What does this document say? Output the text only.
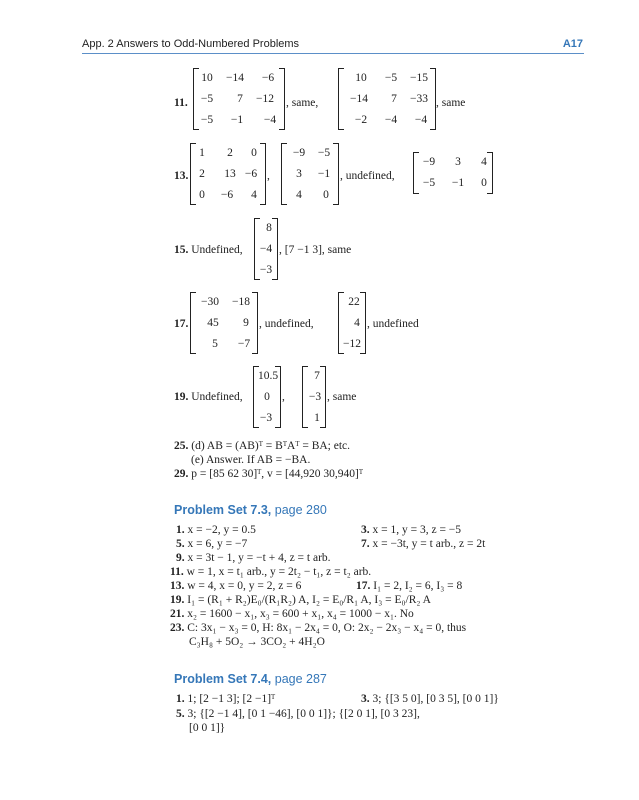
App. 2 Answers to Odd-Numbered Problems	A17
11.
10 −14 −6
−5 7 −12
−5 −1 −4
, same,
10 −5 −15
−14 7 −33
−2 −4 −4
, same
13.
1 2 0
2 13 −6
0 −6 4
,
−9 −5
3 −1
4 0
, undefined,
−9 3 4
−5 −1 0
15. Undefined,
8
−4
−3
, [7 −1 3], same
17.
−30 −18
45 9
5 −7
, undefined,
22
4
−12
, undefined
19. Undefined,
10.5
0
−3
,
7
−3
1
, same
25. (d) AB = (AB)ᵀ = BᵀAᵀ = BA; etc.
(e) Answer. If AB = −BA.
29. p = [85 62 30]ᵀ, v = [44,920 30,940]ᵀ
Problem Set 7.3, page 280
1. x = −2, y = 0.5	3. x = 1, y = 3, z = −5
5. x = 6, y = −7	7. x = −3t, y = t arb., z = 2t
9. x = 3t − 1, y = −t + 4, z = t arb.
11. w = 1, x = t₁ arb., y = 2t₂ − t₁, z = t₂ arb.
13. w = 4, x = 0, y = 2, z = 6	17. I₁ = 2, I₂ = 6, I₃ = 8
19. I₁ = (R₁ + R₂)E₀/(R₁R₂) A, I₂ = E₀/R₁ A, I₃ = E₀/R₂ A
21. x₂ = 1600 − x₁, x₃ = 600 + x₁, x₄ = 1000 − x₁. No
23. C: 3x₁ − x₃ = 0, H: 8x₁ − 2x₄ = 0, O: 2x₂ − 2x₃ − x₄ = 0, thus
C₃H₈ + 5O₂ → 3CO₂ + 4H₂O
Problem Set 7.4, page 287
1. 1; [2 −1 3]; [2 −1]ᵀ	3. 3; {[3 5 0], [0 3 5], [0 0 1]}
5. 3; {[2 −1 4], [0 1 −46], [0 0 1]}; {[2 0 1], [0 3 23],
[0 0 1]}
